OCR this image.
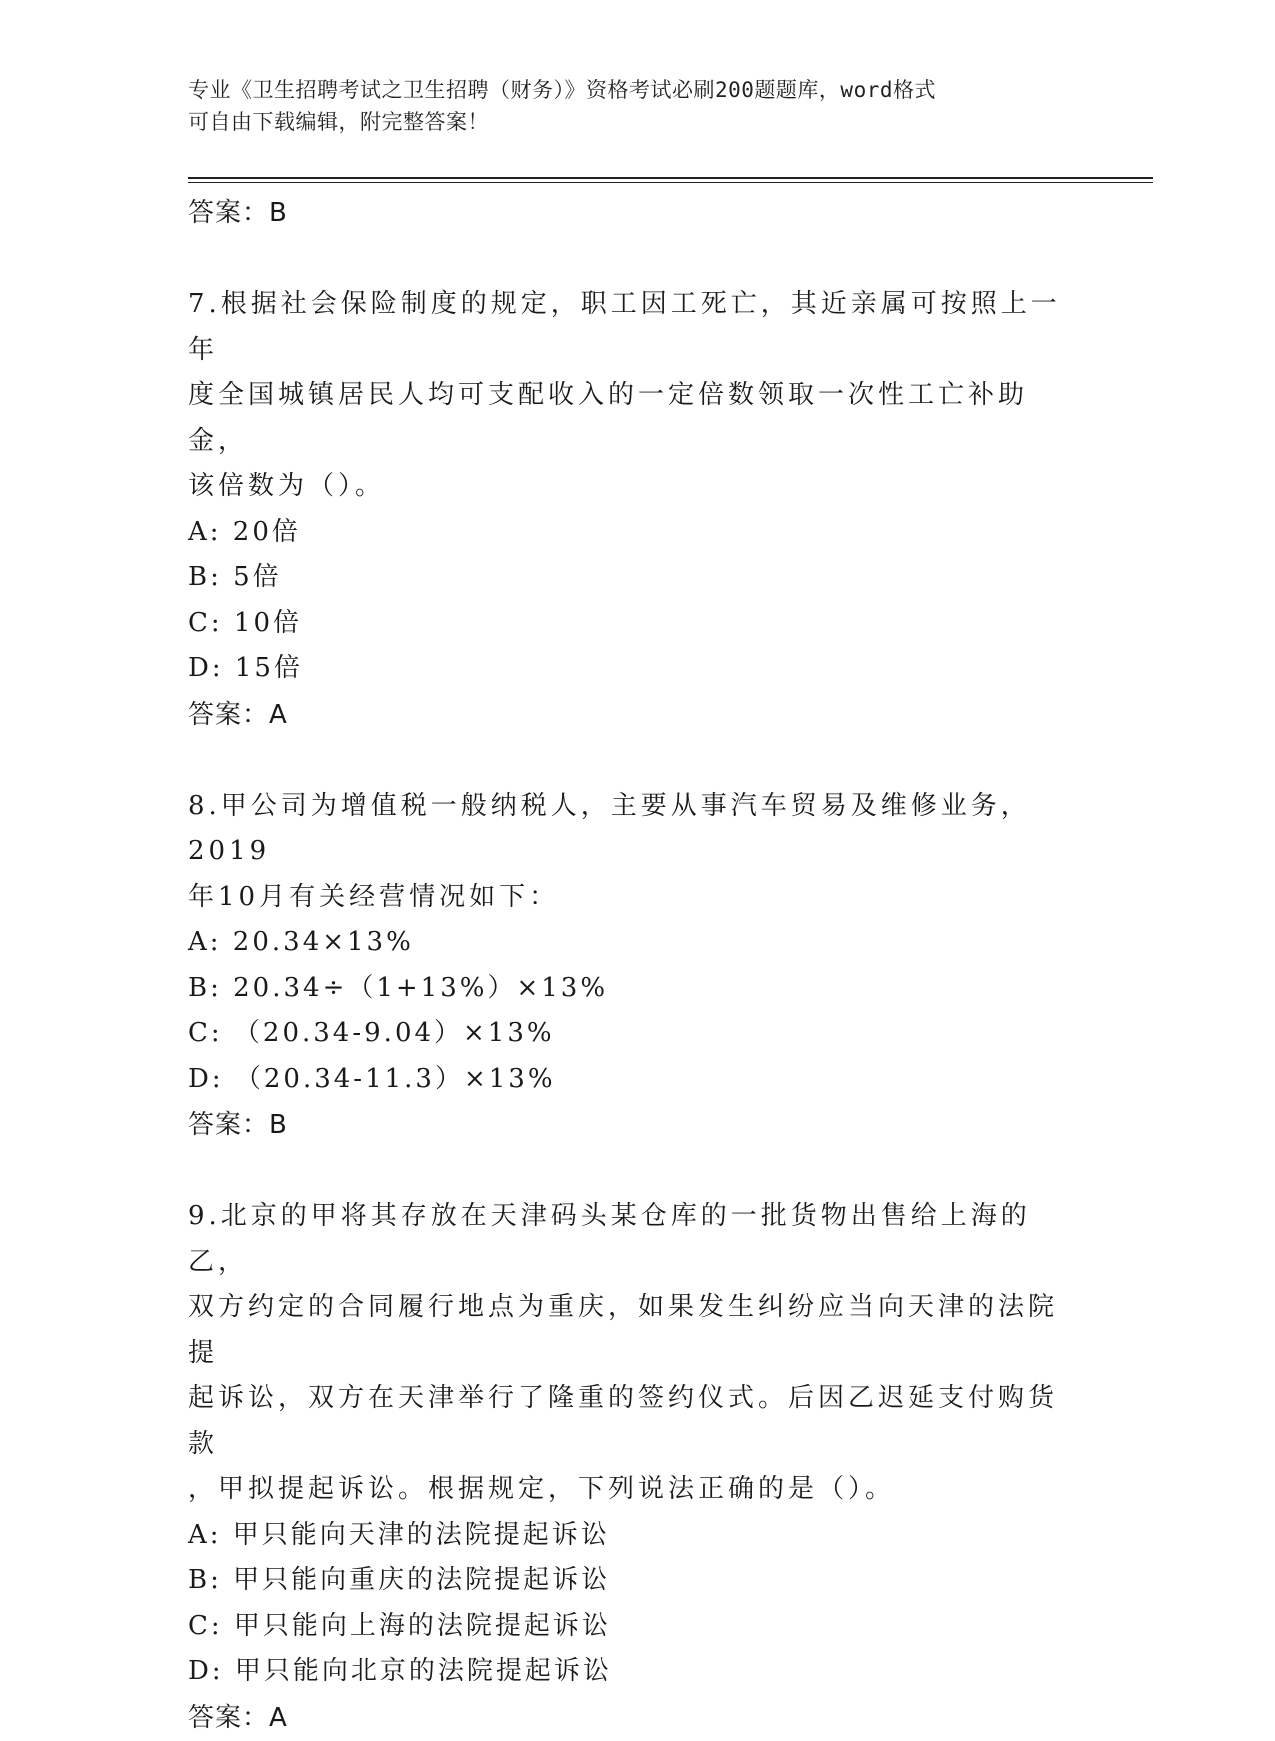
专业《卫生招聘考试之卫生招聘（财务）》资格考试必刷200题题库，word格式
可自由下载编辑，附完整答案！
答案：B
7.根据社会保险制度的规定，职工因工死亡，其近亲属可按照上一年
度全国城镇居民人均可支配收入的一定倍数领取一次性工亡补助金，
该倍数为（）。
A: 20倍
B: 5倍
C: 10倍
D: 15倍
答案：A
8.甲公司为增值税一般纳税人，主要从事汽车贸易及维修业务，2019
年10月有关经营情况如下：
A: 20.34×13%
B: 20.34÷（1+13%）×13%
C: （20.34-9.04）×13%
D: （20.34-11.3）×13%
答案：B
9.北京的甲将其存放在天津码头某仓库的一批货物出售给上海的乙，
双方约定的合同履行地点为重庆，如果发生纠纷应当向天津的法院提
起诉讼，双方在天津举行了隆重的签约仪式。后因乙迟延支付购货款
，甲拟提起诉讼。根据规定，下列说法正确的是（）。
A: 甲只能向天津的法院提起诉讼
B: 甲只能向重庆的法院提起诉讼
C: 甲只能向上海的法院提起诉讼
D: 甲只能向北京的法院提起诉讼
答案：A
